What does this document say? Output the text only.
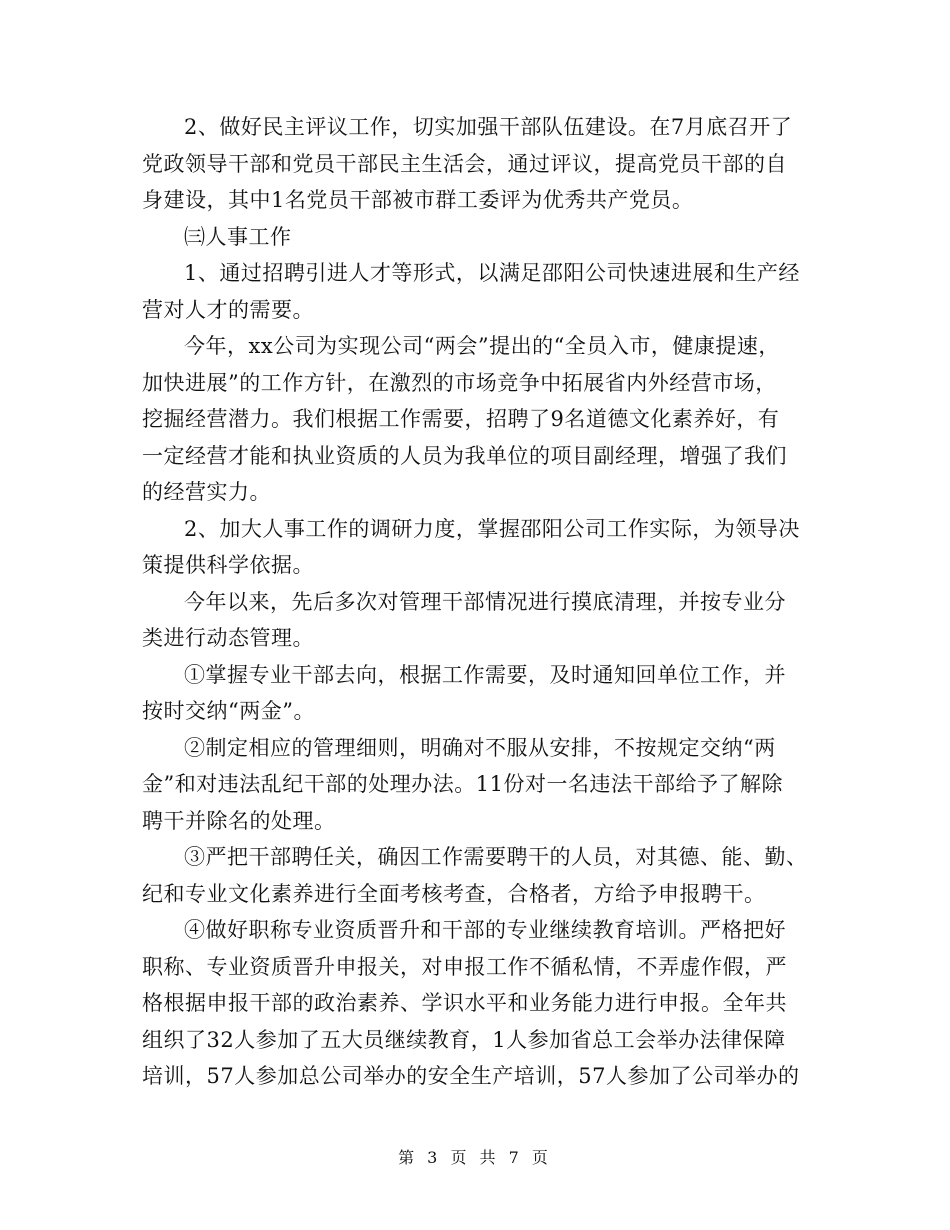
2、做好民主评议工作，切实加强干部队伍建设。在7月底召开了
党政领导干部和党员干部民主生活会，通过评议，提高党员干部的自
身建设，其中1名党员干部被市群工委评为优秀共产党员。

㈢人事工作

1、通过招聘引进人才等形式，以满足邵阳公司快速进展和生产经
营对人才的需要。

今年，xx公司为实现公司“两会”提出的“全员入市，健康提速，
加快进展”的工作方针，在激烈的市场竞争中拓展省内外经营市场，
挖掘经营潜力。我们根据工作需要，招聘了9名道德文化素养好，有
一定经营才能和执业资质的人员为我单位的项目副经理，增强了我们
的经营实力。

2、加大人事工作的调研力度，掌握邵阳公司工作实际，为领导决
策提供科学依据。

今年以来，先后多次对管理干部情况进行摸底清理，并按专业分
类进行动态管理。

①掌握专业干部去向，根据工作需要，及时通知回单位工作，并
按时交纳“两金”。

②制定相应的管理细则，明确对不服从安排，不按规定交纳“两
金”和对违法乱纪干部的处理办法。11份对一名违法干部给予了解除
聘干并除名的处理。

③严把干部聘任关，确因工作需要聘干的人员，对其德、能、勤、
纪和专业文化素养进行全面考核考查，合格者，方给予申报聘干。

④做好职称专业资质晋升和干部的专业继续教育培训。严格把好
职称、专业资质晋升申报关，对申报工作不循私情，不弄虚作假，严
格根据申报干部的政治素养、学识水平和业务能力进行申报。全年共
组织了32人参加了五大员继续教育，1人参加省总工会举办法律保障
培训，57人参加总公司举办的安全生产培训，57人参加了公司举办的

第 3 页 共 7 页
